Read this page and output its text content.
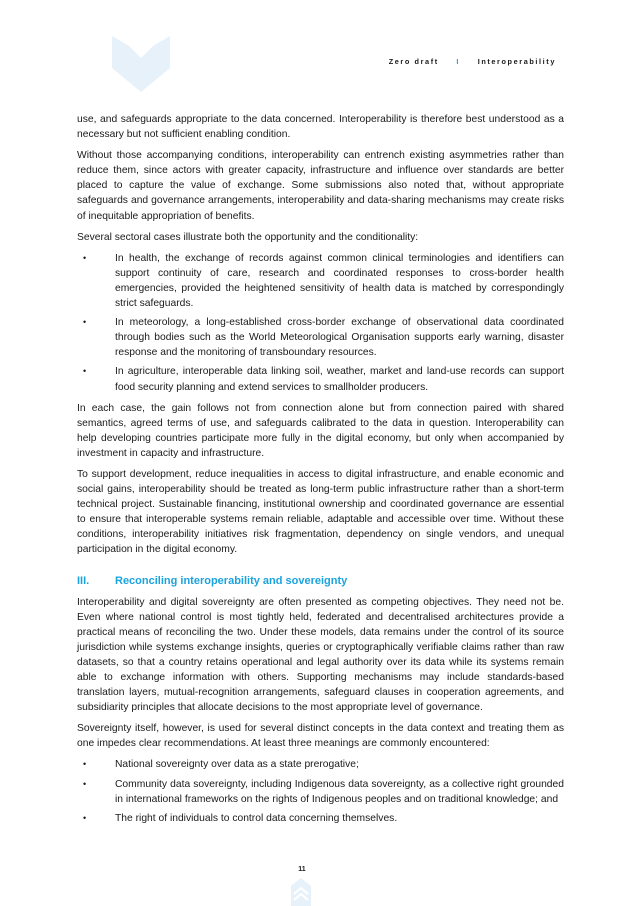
Zero draft I Interoperability

use, and safeguards appropriate to the data concerned. Interoperability is therefore best understood as a necessary but not sufficient enabling condition.

Without those accompanying conditions, interoperability can entrench existing asymmetries rather than reduce them, since actors with greater capacity, infrastructure and influence over standards are better placed to capture the value of exchange. Some submissions also noted that, without appropriate safeguards and governance arrangements, interoperability and data-sharing mechanisms may create risks of inequitable appropriation of benefits.

Several sectoral cases illustrate both the opportunity and the conditionality:

•	In health, the exchange of records against common clinical terminologies and identifiers can support continuity of care, research and coordinated responses to cross-border health emergencies, provided the heightened sensitivity of health data is matched by correspondingly strict safeguards.
•	In meteorology, a long-established cross-border exchange of observational data coordinated through bodies such as the World Meteorological Organisation supports early warning, disaster response and the monitoring of transboundary resources.
•	In agriculture, interoperable data linking soil, weather, market and land-use records can support food security planning and extend services to smallholder producers.

In each case, the gain follows not from connection alone but from connection paired with shared semantics, agreed terms of use, and safeguards calibrated to the data in question. Interoperability can help developing countries participate more fully in the digital economy, but only when accompanied by investment in capacity and infrastructure.

To support development, reduce inequalities in access to digital infrastructure, and enable economic and social gains, interoperability should be treated as long-term public infrastructure rather than a short-term technical project. Sustainable financing, institutional ownership and coordinated governance are essential to ensure that interoperable systems remain reliable, adaptable and accessible over time. Without these conditions, interoperability initiatives risk fragmentation, dependency on single vendors, and unequal participation in the digital economy.

III. Reconciling interoperability and sovereignty

Interoperability and digital sovereignty are often presented as competing objectives. They need not be. Even where national control is most tightly held, federated and decentralised architectures provide a practical means of reconciling the two. Under these models, data remains under the control of its source jurisdiction while systems exchange insights, queries or cryptographically verifiable claims rather than raw datasets, so that a country retains operational and legal authority over its data while its systems remain able to exchange information with others. Supporting mechanisms may include standards-based translation layers, mutual-recognition arrangements, safeguard clauses in cooperation agreements, and subsidiarity principles that allocate decisions to the most appropriate level of governance.

Sovereignty itself, however, is used for several distinct concepts in the data context and treating them as one impedes clear recommendations. At least three meanings are commonly encountered:

•	National sovereignty over data as a state prerogative;
•	Community data sovereignty, including Indigenous data sovereignty, as a collective right grounded in international frameworks on the rights of Indigenous peoples and on traditional knowledge; and
•	The right of individuals to control data concerning themselves.
11
